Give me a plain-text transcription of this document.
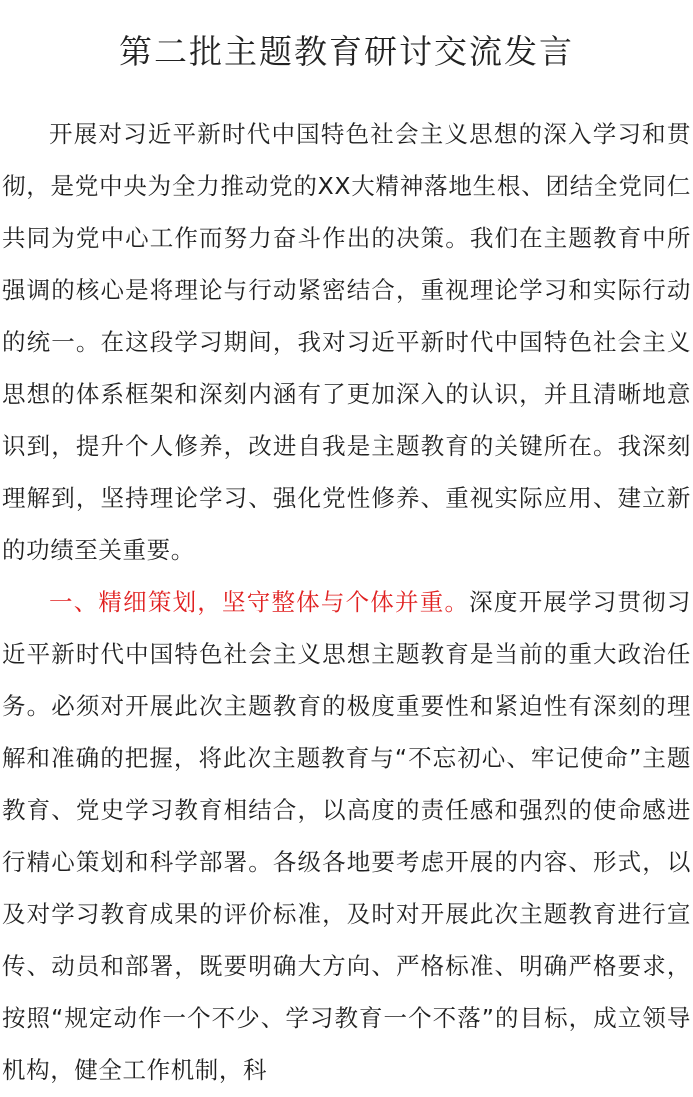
第二批主题教育研讨交流发言

开展对习近平新时代中国特色社会主义思想的深入学习和贯彻，是党中央为全力推动党的XX大精神落地生根、团结全党同仁共同为党中心工作而努力奋斗作出的决策。我们在主题教育中所强调的核心是将理论与行动紧密结合，重视理论学习和实际行动的统一。在这段学习期间，我对习近平新时代中国特色社会主义思想的体系框架和深刻内涵有了更加深入的认识，并且清晰地意识到，提升个人修养，改进自我是主题教育的关键所在。我深刻理解到，坚持理论学习、强化党性修养、重视实际应用、建立新的功绩至关重要。

一、精细策划，坚守整体与个体并重。深度开展学习贯彻习近平新时代中国特色社会主义思想主题教育是当前的重大政治任务。必须对开展此次主题教育的极度重要性和紧迫性有深刻的理解和准确的把握，将此次主题教育与“不忘初心、牢记使命”主题教育、党史学习教育相结合，以高度的责任感和强烈的使命感进行精心策划和科学部署。各级各地要考虑开展的内容、形式，以及对学习教育成果的评价标准，及时对开展此次主题教育进行宣传、动员和部署，既要明确大方向、严格标准、明确严格要求，按照“规定动作一个不少、学习教育一个不落”的目标，成立领导机构，健全工作机制，科
